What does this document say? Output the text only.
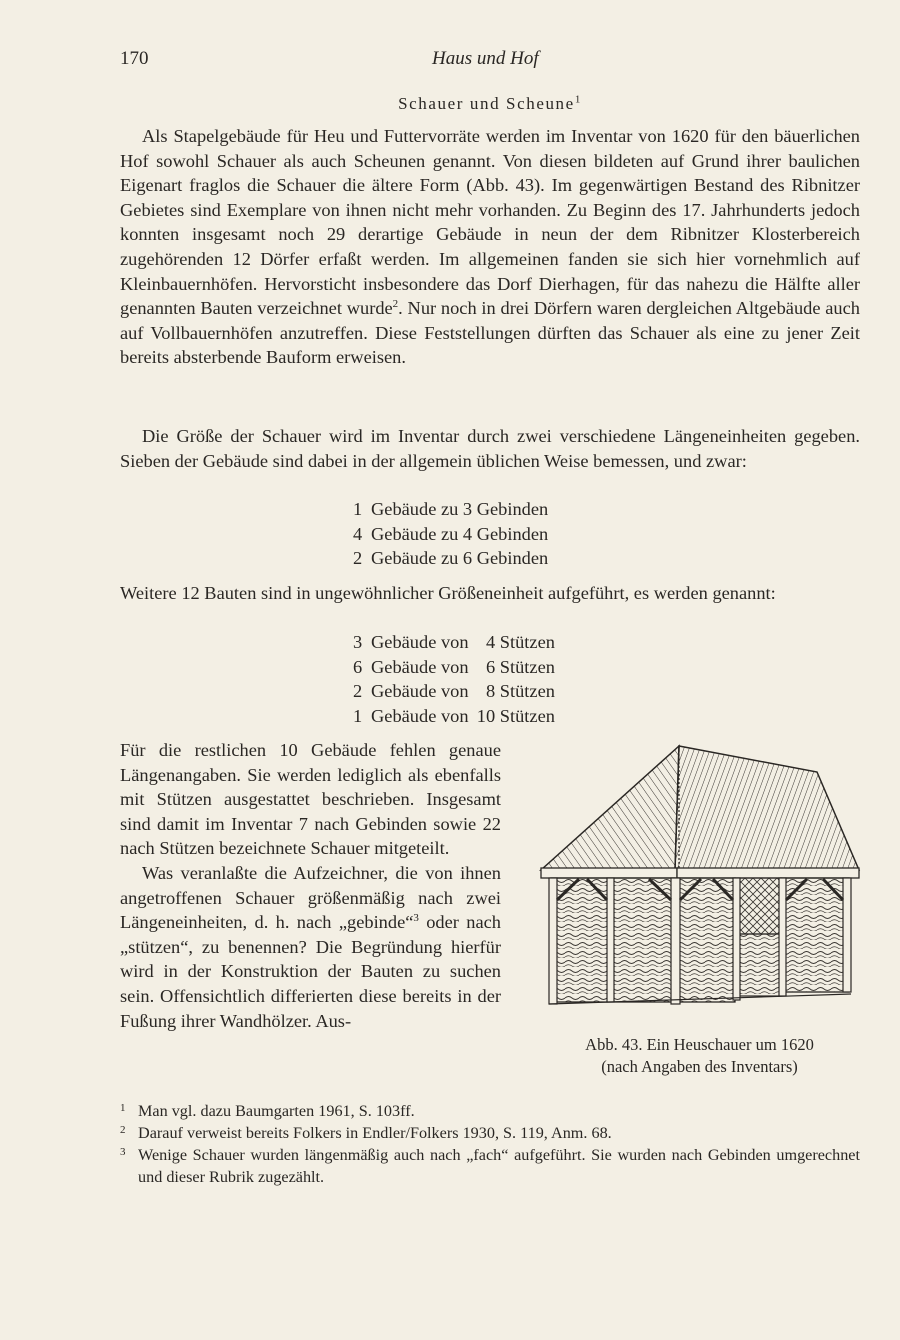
170	Haus und Hof
Schauer und Scheune$^1$

Als Stapelgebäude für Heu und Futtervorräte werden im Inventar von 1620 für den bäuerlichen Hof sowohl Schauer als auch Scheunen genannt. Von diesen bildeten auf Grund ihrer baulichen Eigenart fraglos die Schauer die ältere Form (Abb. 43). Im gegenwärtigen Bestand des Ribnitzer Gebietes sind Exemplare von ihnen nicht mehr vorhanden. Zu Beginn des 17. Jahrhunderts jedoch konnten insgesamt noch 29 derartige Gebäude in neun der dem Ribnitzer Klosterbereich zugehörenden 12 Dörfer erfaßt werden. Im allgemeinen fanden sie sich hier vornehmlich auf Kleinbauernhöfen. Hervorsticht insbesondere das Dorf Dierhagen, für das nahezu die Hälfte aller genannten Bauten verzeichnet wurde$^2$. Nur noch in drei Dörfern waren dergleichen Altgebäude auch auf Vollbauernhöfen anzutreffen. Diese Feststellungen dürften das Schauer als eine zu jener Zeit bereits absterbende Bauform erweisen.

Die Größe der Schauer wird im Inventar durch zwei verschiedene Längeneinheiten gegeben. Sieben der Gebäude sind dabei in der allgemein üblichen Weise bemessen, und zwar:

1 Gebäude zu 3 Gebinden
4 Gebäude zu 4 Gebinden
2 Gebäude zu 6 Gebinden

Weitere 12 Bauten sind in ungewöhnlicher Größeneinheit aufgeführt, es werden genannt:

3 Gebäude von 4 Stützen
6 Gebäude von 6 Stützen
2 Gebäude von 8 Stützen
1 Gebäude von 10 Stützen

Für die restlichen 10 Gebäude fehlen genaue Längenangaben. Sie werden lediglich als ebenfalls mit Stützen ausgestattet beschrieben. Insgesamt sind damit im Inventar 7 nach Gebinden sowie 22 nach Stützen bezeichnete Schauer mitgeteilt.

Was veranlaßte die Aufzeichner, die von ihnen angetroffenen Schauer größenmäßig nach zwei Längeneinheiten, d. h. nach „gebinde“$^3$ oder nach „stützen“, zu benennen? Die Begründung hierfür wird in der Konstruktion der Bauten zu suchen sein. Offensichtlich differierten diese bereits in der Fußung ihrer Wandhölzer. Aus-

Abb. 43. Ein Heuschauer um 1620
(nach Angaben des Inventars)
1 Man vgl. dazu Baumgarten 1961, S. 103ff.
2 Darauf verweist bereits Folkers in Endler/Folkers 1930, S. 119, Anm. 68.
3 Wenige Schauer wurden längenmäßig auch nach „fach“ aufgeführt. Sie wurden nach Gebinden umgerechnet und dieser Rubrik zugezählt.
